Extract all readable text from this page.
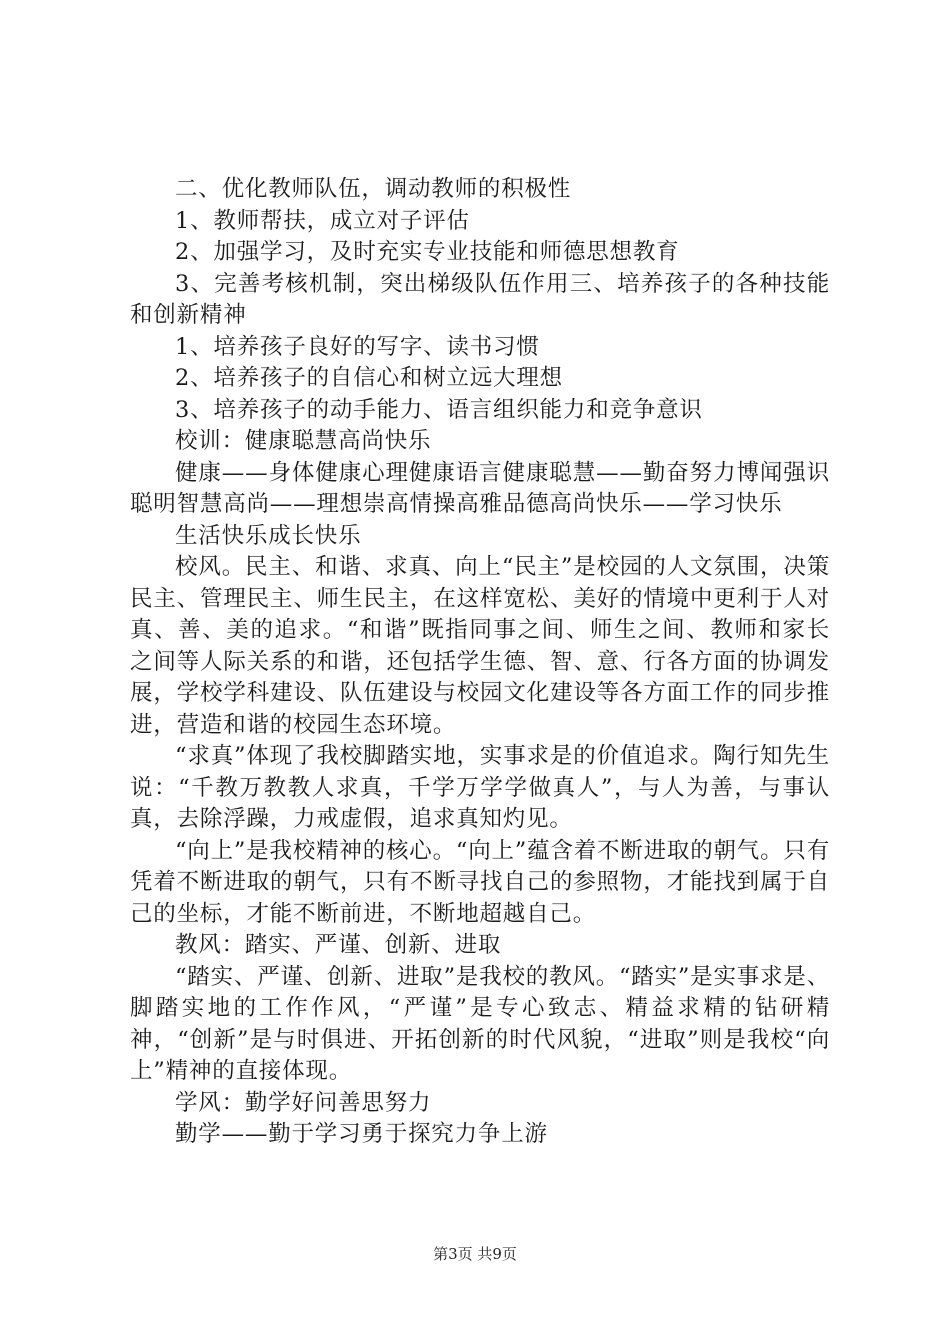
二、优化教师队伍，调动教师的积极性

1、教师帮扶，成立对子评估

2、加强学习，及时充实专业技能和师德思想教育

3、完善考核机制，突出梯级队伍作用三、培养孩子的各种技能和创新精神

1、培养孩子良好的写字、读书习惯

2、培养孩子的自信心和树立远大理想

3、培养孩子的动手能力、语言组织能力和竞争意识

校训：健康聪慧高尚快乐

健康——身体健康心理健康语言健康聪慧——勤奋努力博闻强识聪明智慧高尚——理想崇高情操高雅品德高尚快乐——学习快乐

生活快乐成长快乐

校风。民主、和谐、求真、向上“民主”是校园的人文氛围，决策民主、管理民主、师生民主，在这样宽松、美好的情境中更利于人对真、善、美的追求。“和谐”既指同事之间、师生之间、教师和家长之间等人际关系的和谐，还包括学生德、智、意、行各方面的协调发展，学校学科建设、队伍建设与校园文化建设等各方面工作的同步推进，营造和谐的校园生态环境。

“求真”体现了我校脚踏实地，实事求是的价值追求。陶行知先生说：“千教万教教人求真，千学万学学做真人”，与人为善，与事认真，去除浮躁，力戒虚假，追求真知灼见。

“向上”是我校精神的核心。“向上”蕴含着不断进取的朝气。只有凭着不断进取的朝气，只有不断寻找自己的参照物，才能找到属于自己的坐标，才能不断前进，不断地超越自己。

教风：踏实、严谨、创新、进取

“踏实、严谨、创新、进取”是我校的教风。“踏实”是实事求是、脚踏实地的工作作风，“严谨”是专心致志、精益求精的钻研精神，“创新”是与时俱进、开拓创新的时代风貌，“进取”则是我校“向上”精神的直接体现。

学风：勤学好问善思努力

勤学——勤于学习勇于探究力争上游

第3页 共9页
